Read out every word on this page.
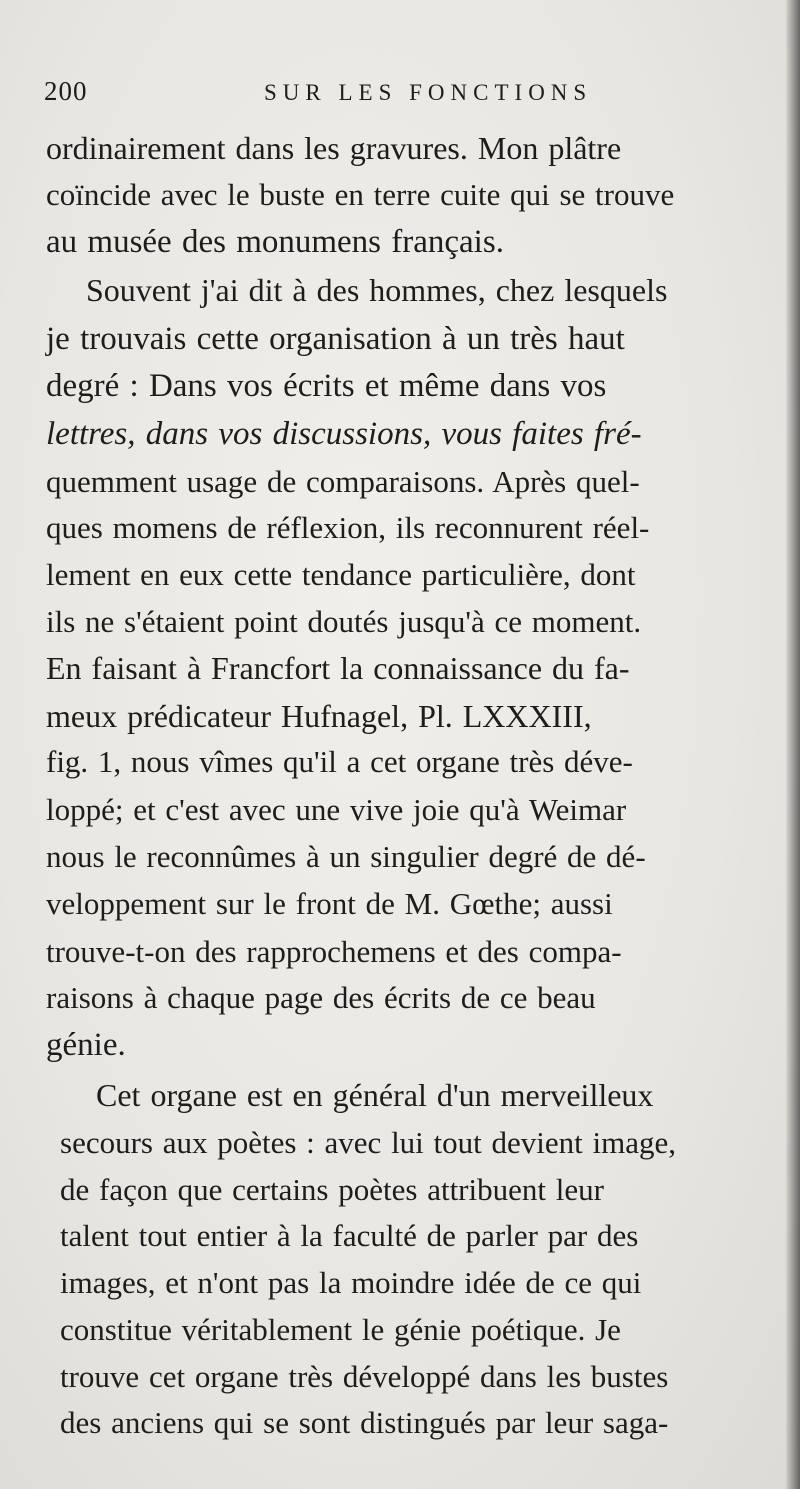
200	SUR LES FONCTIONS
ordinairement dans les gravures. Mon plâtre
coïncide avec le buste en terre cuite qui se trouve
au musée des monumens français.
Souvent j'ai dit à des hommes, chez lesquels
je trouvais cette organisation à un très haut
degré : Dans vos écrits et même dans vos
lettres, dans vos discussions, vous faites fré-
quemment usage de comparaisons. Après quel-
ques momens de réflexion, ils reconnurent réel-
lement en eux cette tendance particulière, dont
ils ne s'étaient point doutés jusqu'à ce moment.
En faisant à Francfort la connaissance du fa-
meux prédicateur Hufnagel, Pl. LXXXIII,
fig. 1, nous vîmes qu'il a cet organe très déve-
loppé; et c'est avec une vive joie qu'à Weimar
nous le reconnûmes à un singulier degré de dé-
veloppement sur le front de M. Gœthe; aussi
trouve-t-on des rapprochemens et des compa-
raisons à chaque page des écrits de ce beau
génie.
Cet organe est en général d'un merveilleux
secours aux poètes : avec lui tout devient image,
de façon que certains poètes attribuent leur
talent tout entier à la faculté de parler par des
images, et n'ont pas la moindre idée de ce qui
constitue véritablement le génie poétique. Je
trouve cet organe très développé dans les bustes
des anciens qui se sont distingués par leur saga-
